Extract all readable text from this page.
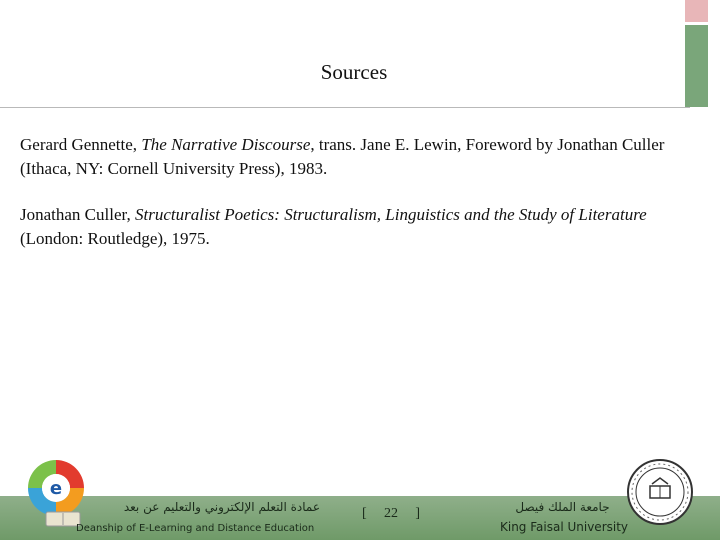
Sources

Gerard Gennette, The Narrative Discourse, trans. Jane E. Lewin, Foreword by Jonathan Culler (Ithaca, NY: Cornell University Press), 1983.

Jonathan Culler, Structuralist Poetics: Structuralism, Linguistics and the Study of Literature (London: Routledge), 1975.

e
عمادة التعلم الإلكتروني والتعليم عن بعد
Deanship of E-Learning and Distance Education
[ 22 ]	جامعة الملك فيصل
King Faisal University
